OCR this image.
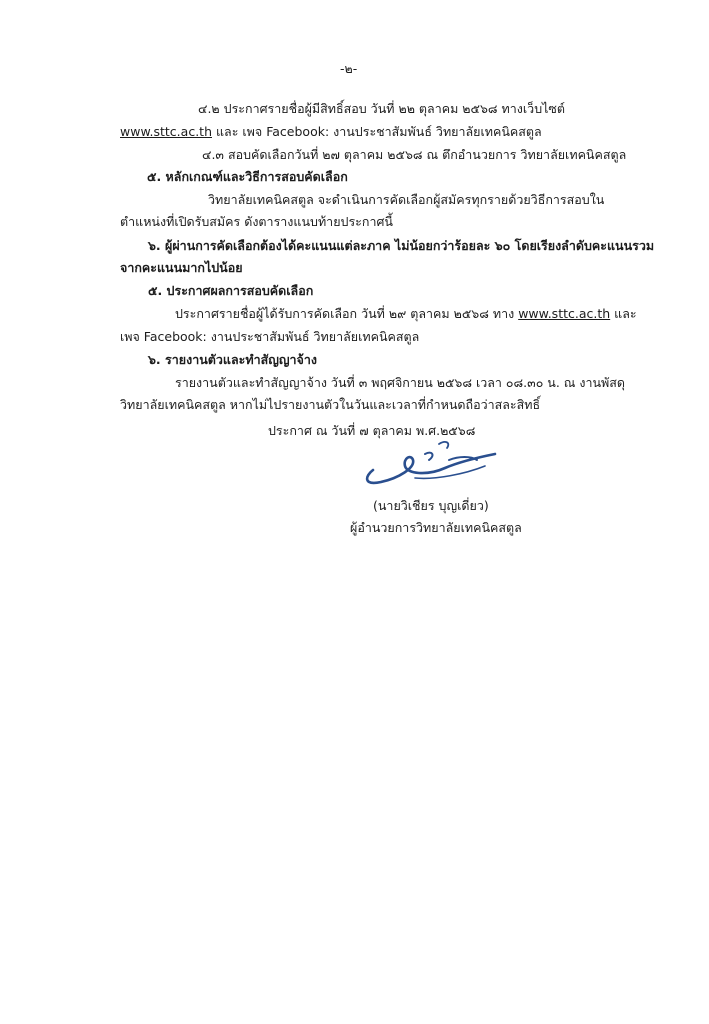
-๒-

๔.๒ ประกาศรายชื่อผู้มีสิทธิ์สอบ วันที่ ๒๒ ตุลาคม ๒๕๖๘ ทางเว็บไซต์

www.sttc.ac.th และ เพจ Facebook: งานประชาสัมพันธ์ วิทยาลัยเทคนิคสตูล

๔.๓ สอบคัดเลือกวันที่ ๒๗ ตุลาคม ๒๕๖๘ ณ ตึกอำนวยการ วิทยาลัยเทคนิคสตูล

๕. หลักเกณฑ์และวิธีการสอบคัดเลือก

วิทยาลัยเทคนิคสตูล จะดำเนินการคัดเลือกผู้สมัครทุกรายด้วยวิธีการสอบใน

ตำแหน่งที่เปิดรับสมัคร ดังตารางแนบท้ายประกาศนี้

๖. ผู้ผ่านการคัดเลือกต้องได้คะแนนแต่ละภาค ไม่น้อยกว่าร้อยละ ๖๐ โดยเรียงลำดับคะแนนรวม

จากคะแนนมากไปน้อย

๕. ประกาศผลการสอบคัดเลือก

ประกาศรายชื่อผู้ได้รับการคัดเลือก วันที่ ๒๙ ตุลาคม ๒๕๖๘ ทาง www.sttc.ac.th และ

เพจ Facebook: งานประชาสัมพันธ์ วิทยาลัยเทคนิคสตูล

๖. รายงานตัวและทำสัญญาจ้าง

รายงานตัวและทำสัญญาจ้าง วันที่ ๓ พฤศจิกายน ๒๕๖๘ เวลา ๐๘.๓๐ น. ณ งานพัสดุ

วิทยาลัยเทคนิคสตูล หากไม่ไปรายงานตัวในวันและเวลาที่กำหนดถือว่าสละสิทธิ์

ประกาศ ณ วันที่ ๗ ตุลาคม พ.ศ.๒๕๖๘

(นายวิเชียร บุญเดี่ยว)

ผู้อำนวยการวิทยาลัยเทคนิคสตูล
